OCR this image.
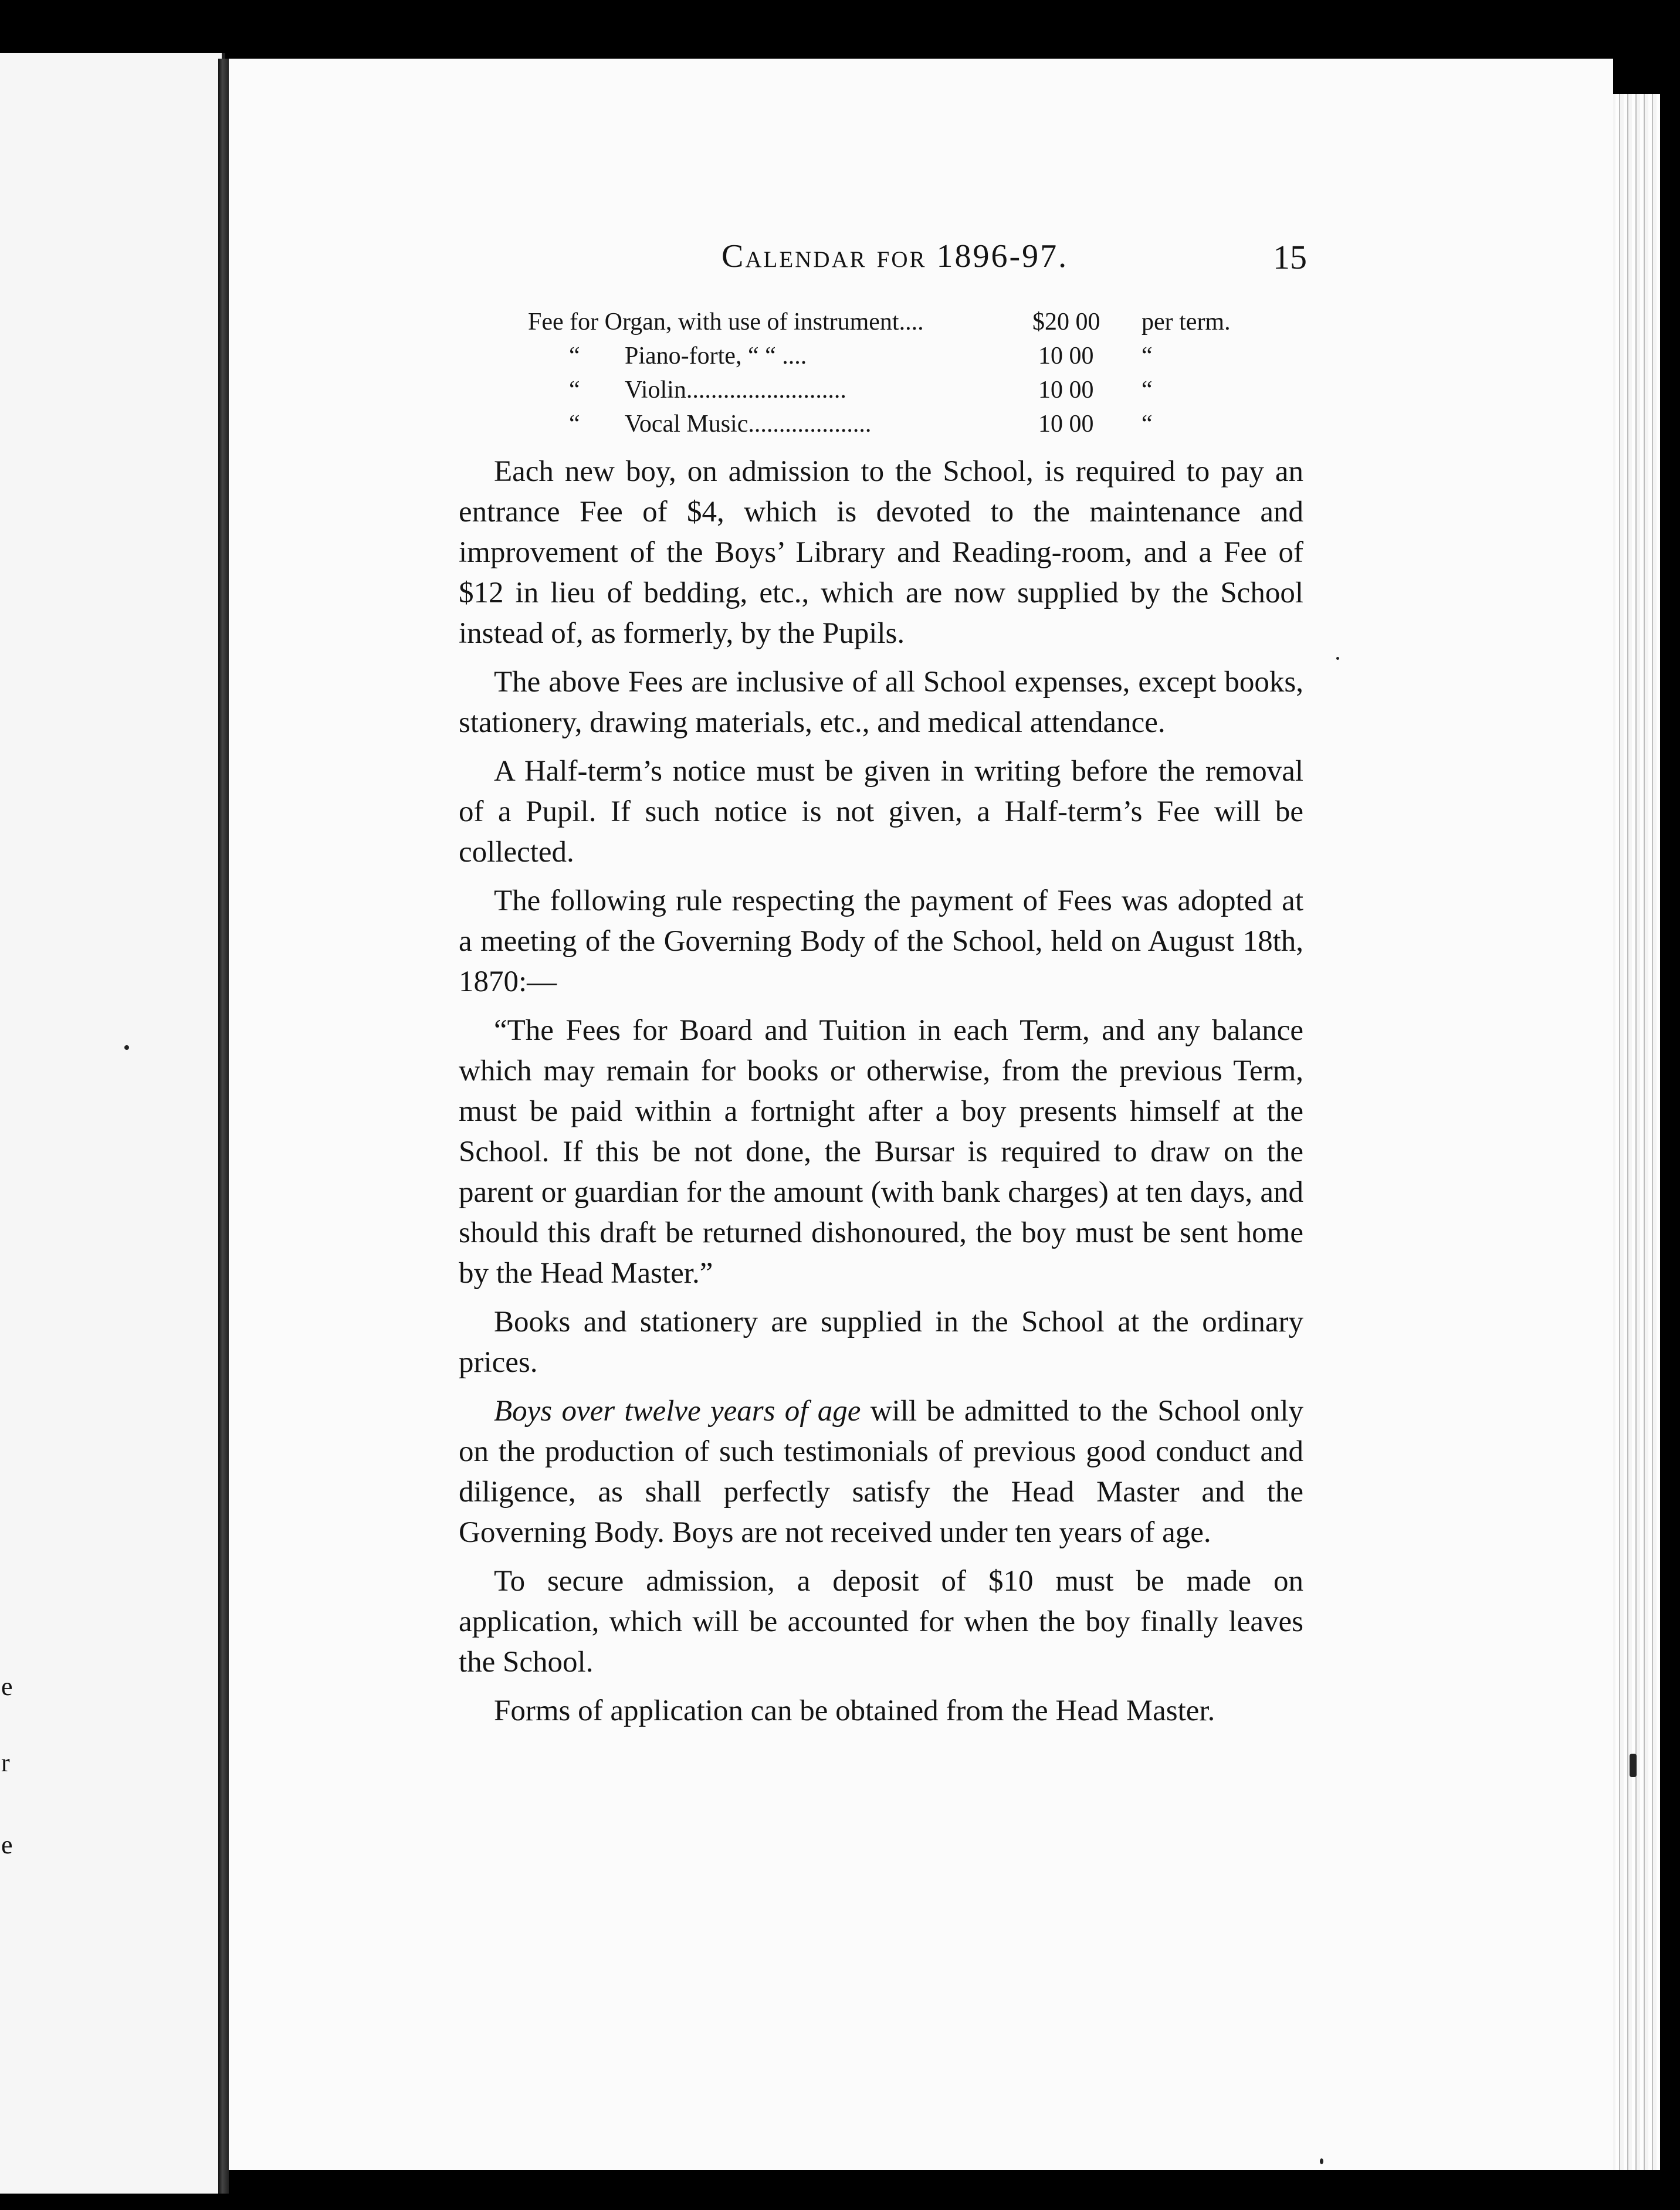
e
r
e
Calendar for 1896-97.	15
Fee for Organ, with use of instrument....	$20 00 per term.
“ Piano-forte, “ “ ....	10 00 “
“ Violin..........................	10 00 “
“ Vocal Music....................	10 00 “

Each new boy, on admission to the School, is required to pay an entrance Fee of $4, which is devoted to the maintenance and improvement of the Boys’ Library and Reading-room, and a Fee of $12 in lieu of bedding, etc., which are now supplied by the School instead of, as formerly, by the Pupils.

The above Fees are inclusive of all School expenses, except books, stationery, drawing materials, etc., and medical attendance.

A Half-term’s notice must be given in writing before the removal of a Pupil. If such notice is not given, a Half-term’s Fee will be collected.

The following rule respecting the payment of Fees was adopted at a meeting of the Governing Body of the School, held on August 18th, 1870:—

“The Fees for Board and Tuition in each Term, and any balance which may remain for books or otherwise, from the previous Term, must be paid within a fortnight after a boy presents himself at the School. If this be not done, the Bursar is required to draw on the parent or guardian for the amount (with bank charges) at ten days, and should this draft be returned dishonoured, the boy must be sent home by the Head Master.”

Books and stationery are supplied in the School at the ordinary prices.

Boys over twelve years of age will be admitted to the School only on the production of such testimonials of previous good conduct and diligence, as shall perfectly satisfy the Head Master and the Governing Body. Boys are not received under ten years of age.

To secure admission, a deposit of $10 must be made on application, which will be accounted for when the boy finally leaves the School.

Forms of application can be obtained from the Head Master.
